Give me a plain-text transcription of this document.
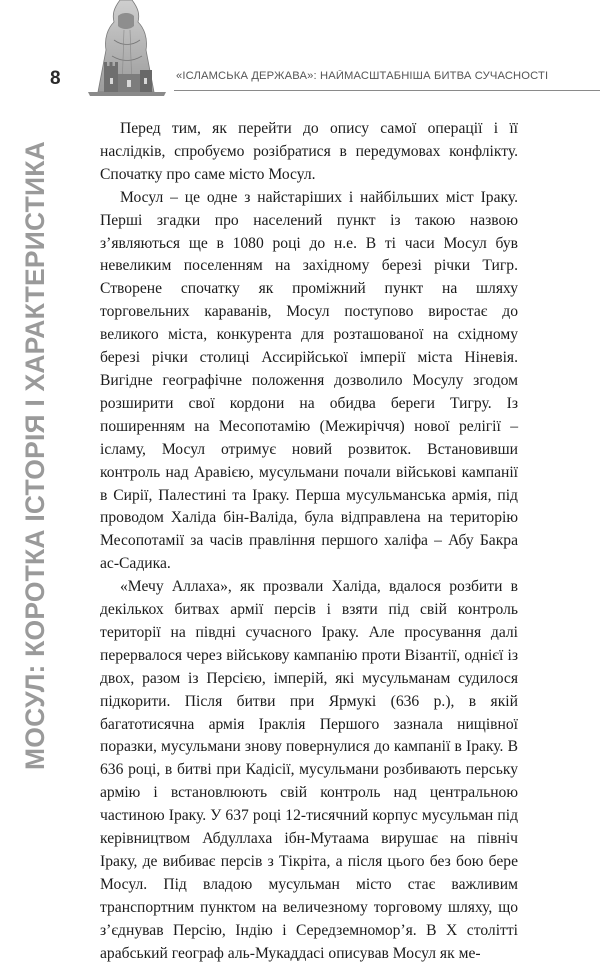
8	«ІСЛАМСЬКА ДЕРЖАВА»: НАЙМАСШТАБНІША БИТВА СУЧАСНОСТІ
МОСУЛ: КОРОТКА ІСТОРІЯ І ХАРАКТЕРИСТИКА

Перед тим, як перейти до опису самої операції і її наслідків, спробуємо розібратися в передумовах конфлікту. Спочатку про саме місто Мосул.

Мосул – це одне з найстаріших і найбільших міст Іраку. Перші згадки про населений пункт із такою назвою з’являються ще в 1080 році до н.е. В ті часи Мосул був невеликим поселенням на західному березі річки Тигр. Створене спочатку як проміжний пункт на шляху торговельних караванів, Мосул поступово виростає до великого міста, конкурента для розташованої на східному березі річки столиці Ассирійської імперії міста Ніневія. Вигідне географічне положення дозволило Мосулу згодом розширити свої кордони на обидва береги Тигру. Із поширенням на Месопотамію (Межиріччя) нової релігії – ісламу, Мосул отримує новий розвиток. Встановивши контроль над Аравією, мусульмани почали військові кампанії в Сирії, Палестині та Іраку. Перша мусульманська армія, під проводом Халіда бін-Валіда, була відправлена на територію Месопотамії за часів правління першого халіфа – Абу Бакра ас-Садика.

«Мечу Аллаха», як прозвали Халіда, вдалося розбити в декількох битвах армії персів і взяти під свій контроль території на півдні сучасного Іраку. Але просування далі перервалося через військову кампанію проти Візантії, однієї із двох, разом із Персією, імперій, які мусульманам судилося підкорити. Після битви при Ярмукі (636 р.), в якій багатотисячна армія Іраклія Першого зазнала нищівної поразки, мусульмани знову повернулися до кампанії в Іраку. В 636 році, в битві при Кадісії, мусульмани розбивають перську армію і встановлюють свій контроль над центральною частиною Іраку. У 637 році 12-тисячний корпус мусульман під керівництвом Абдуллаха ібн-Мутаама вирушає на північ Іраку, де вибиває персів з Тікріта, а після цього без бою бере Мосул. Під владою мусульман місто стає важливим транспортним пунктом на величезному торговому шляху, що з’єднував Персію, Індію і Середземномор’я. В X столітті арабський географ аль-Мукаддасі описував Мосул як ме-
